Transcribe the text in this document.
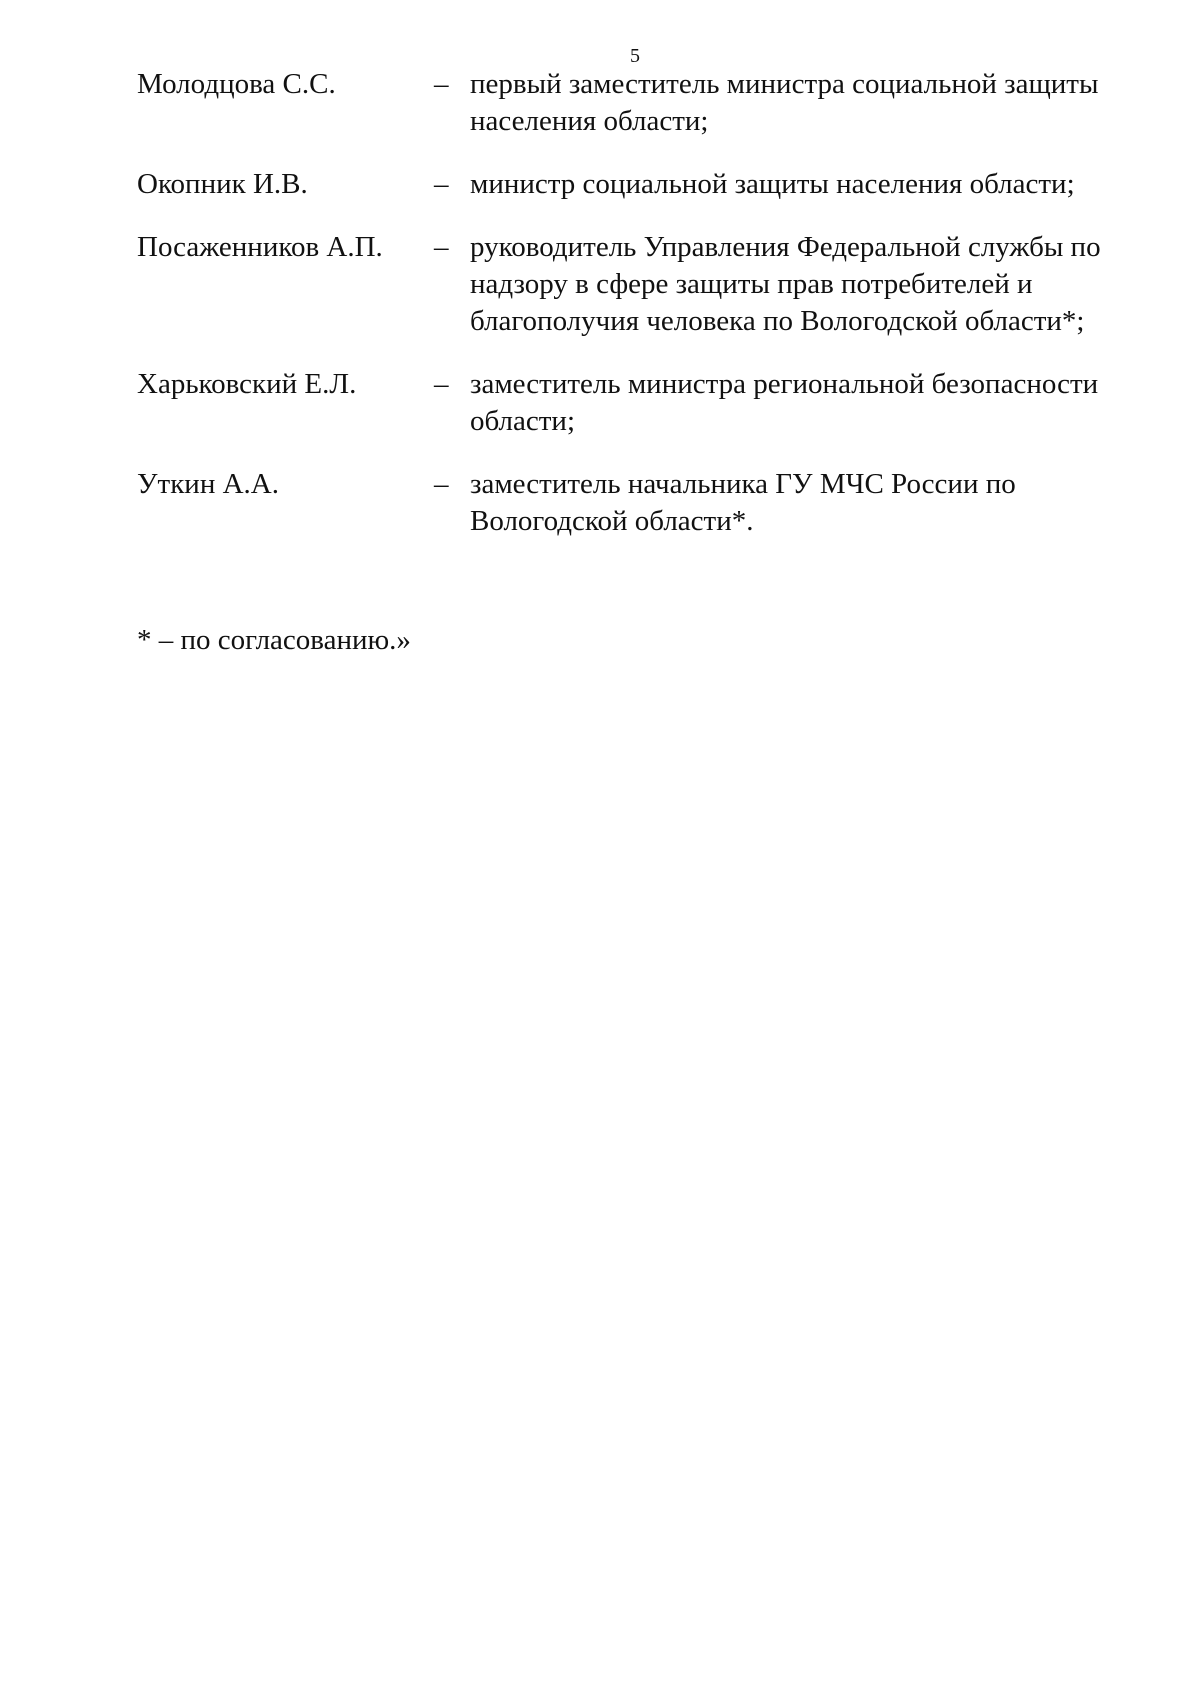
5
Молодцова С.С.	– первый заместитель министра социальной защиты населения области;
Окопник И.В.	– министр социальной защиты населения области;
Посаженников А.П.	– руководитель Управления Федеральной службы по надзору в сфере защиты прав потребителей и благополучия человека по Вологодской области*;
Харьковский Е.Л.	– заместитель министра региональной безопасности области;
Уткин А.А.	– заместитель начальника ГУ МЧС России по Вологодской области*.
* – по согласованию.»
